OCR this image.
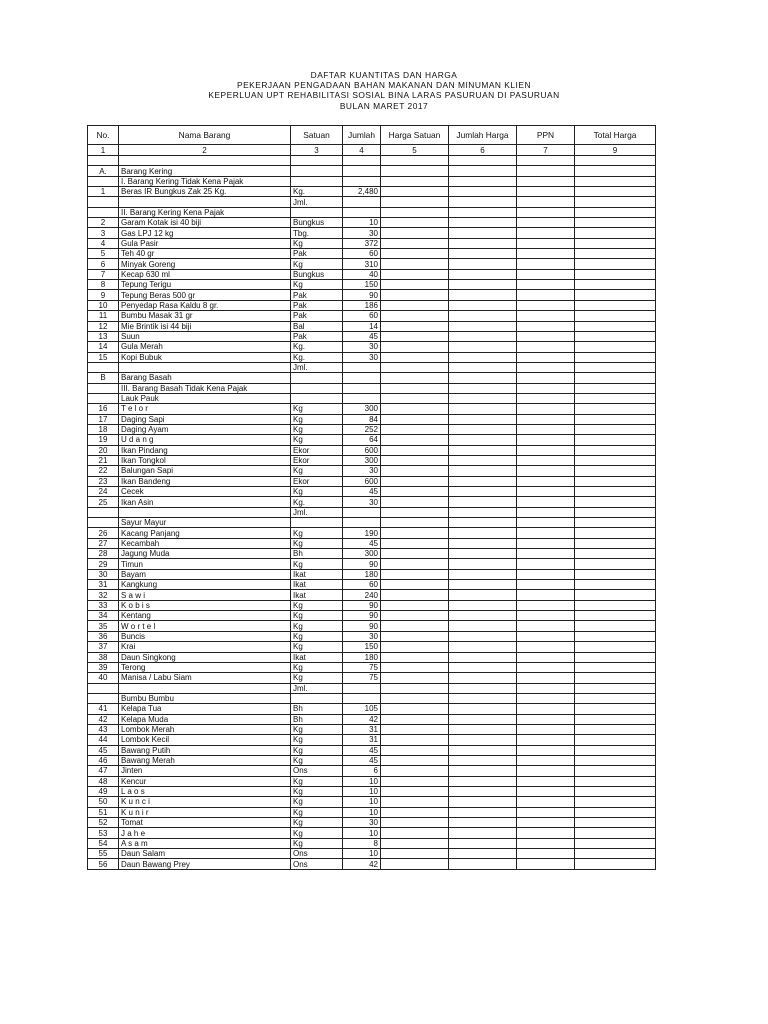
DAFTAR KUANTITAS DAN HARGA
PEKERJAAN PENGADAAN BAHAN MAKANAN DAN MINUMAN KLIEN
KEPERLUAN UPT REHABILITASI SOSIAL BINA LARAS PASURUAN DI PASURUAN
BULAN MARET 2017
No.	Nama Barang	Satuan	Jumlah	Harga Satuan	Jumlah Harga	PPN	Total Harga
1	2	3	4	5	6	7	9

A.	Barang Kering						
	I. Barang Kering Tidak Kena Pajak						
1	Beras IR Bungkus Zak 25 Kg.	Kg.	2,480				
		Jml.					
	II. Barang Kering Kena Pajak						
2	Garam Kotak isi 40 biji	Bungkus	10				
3	Gas LPJ 12 kg	Tbg.	30				
4	Gula Pasir	Kg	372				
5	Teh 40 gr	Pak	60				
6	Minyak Goreng	Kg	310				
7	Kecap 630 ml	Bungkus	40				
8	Tepung Terigu	Kg	150				
9	Tepung Beras 500 gr	Pak	90				
10	Penyedap Rasa Kaldu 8 gr.	Pak	186				
11	Bumbu Masak 31 gr	Pak	60				
12	Mie Brintik isi 44 biji	Bal	14				
13	Suun	Pak	45				
14	Gula Merah	Kg.	30				
15	Kopi Bubuk	Kg.	30				
		Jml.					
B	Barang Basah						
	III. Barang Basah Tidak Kena Pajak						
	Lauk Pauk						
16	T e l o r	Kg	300				
17	Daging Sapi	Kg	84				
18	Daging Ayam	Kg	252				
19	U d a n g	Kg	64				
20	Ikan Pindang	Ekor	600				
21	Ikan Tongkol	Ekor	300				
22	Balungan Sapi	Kg	30				
23	Ikan Bandeng	Ekor	600				
24	Cecek	Kg	45				
25	Ikan Asin	Kg.	30				
		Jml.					
	Sayur Mayur						
26	Kacang Panjang	Kg	190				
27	Kecambah	Kg	45				
28	Jagung Muda	Bh	300				
29	Timun	Kg	90				
30	Bayam	Ikat	180				
31	Kangkung	Ikat	60				
32	S a w i	Ikat	240				
33	K o b i s	Kg	90				
34	Kentang	Kg	90				
35	W o r t e l	Kg	90				
36	Buncis	Kg	30				
37	Krai	Kg	150				
38	Daun Singkong	Ikat	180				
39	Terong	Kg	75				
40	Manisa / Labu Siam	Kg	75				
		Jml.					
	Bumbu Bumbu						
41	Kelapa Tua	Bh	105				
42	Kelapa Muda	Bh	42				
43	Lombok Merah	Kg	31				
44	Lombok Kecil	Kg	31				
45	Bawang Putih	Kg	45				
46	Bawang Merah	Kg	45				
47	Jinten	Ons	6				
48	Kencur	Kg	10				
49	L a o s	Kg	10				
50	K u n c i	Kg	10				
51	K u n i r	Kg	10				
52	Tomat	Kg	30				
53	J a h e	Kg	10				
54	A s a m	Kg	8				
55	Daun Salam	Ons	10				
56	Daun Bawang Prey	Ons	42				
